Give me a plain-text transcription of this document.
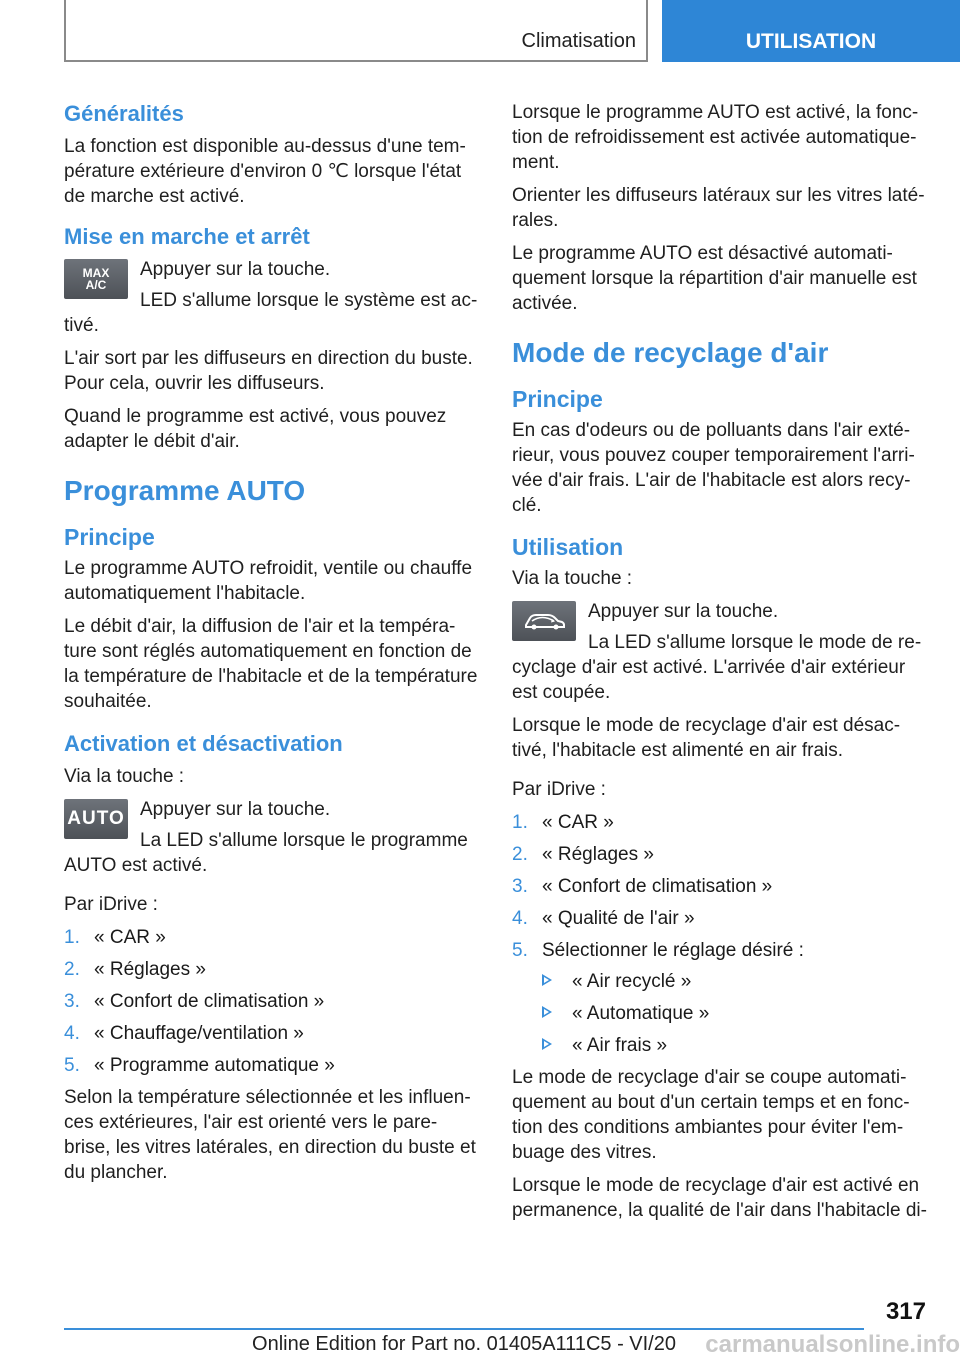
Climatisation	UTILISATION
Généralités

La fonction est disponible au-dessus d'une température extérieure d'environ 0 ℃ lorsque l'état de marche est activé.

Mise en marche et arrêt
MAX
A/C

Appuyer sur la touche.

LED s'allume lorsque le système est activé.

L'air sort par les diffuseurs en direction du buste. Pour cela, ouvrir les diffuseurs.

Quand le programme est activé, vous pouvez adapter le débit d'air.

Programme AUTO
Principe

Le programme AUTO refroidit, ventile ou chauffe automatiquement l'habitacle.

Le débit d'air, la diffusion de l'air et la température sont réglés automatiquement en fonction de la température de l'habitacle et de la température souhaitée.

Activation et désactivation

Via la touche :

AUTO Appuyer sur la touche.

La LED s'allume lorsque le programme AUTO est activé.

Par iDrive :

1. « CAR »
2. « Réglages »
3. « Confort de climatisation »
4. « Chauffage/ventilation »
5. « Programme automatique »

Selon la température sélectionnée et les influences extérieures, l'air est orienté vers le pare-brise, les vitres latérales, en direction du buste et du plancher.

Lorsque le programme AUTO est activé, la fonction de refroidissement est activée automatiquement.

Orienter les diffuseurs latéraux sur les vitres latérales.

Le programme AUTO est désactivé automatiquement lorsque la répartition d'air manuelle est activée.

Mode de recyclage d'air
Principe

En cas d'odeurs ou de polluants dans l'air extérieur, vous pouvez couper temporairement l'arrivée d'air frais. L'air de l'habitacle est alors recyclé.

Utilisation

Via la touche :

Appuyer sur la touche.

La LED s'allume lorsque le mode de recyclage d'air est activé. L'arrivée d'air extérieur est coupée.

Lorsque le mode de recyclage d'air est désactivé, l'habitacle est alimenté en air frais.

Par iDrive :

1. « CAR »
2. « Réglages »
3. « Confort de climatisation »
4. « Qualité de l'air »
5. Sélectionner le réglage désiré :
« Air recyclé »
« Automatique »
« Air frais »

Le mode de recyclage d'air se coupe automatiquement au bout d'un certain temps et en fonction des conditions ambiantes pour éviter l'embuage des vitres.

Lorsque le mode de recyclage d'air est activé en permanence, la qualité de l'air dans l'habitacle di-

317
Online Edition for Part no. 01405A111C5 - VI/20	carmanualsonline.info
